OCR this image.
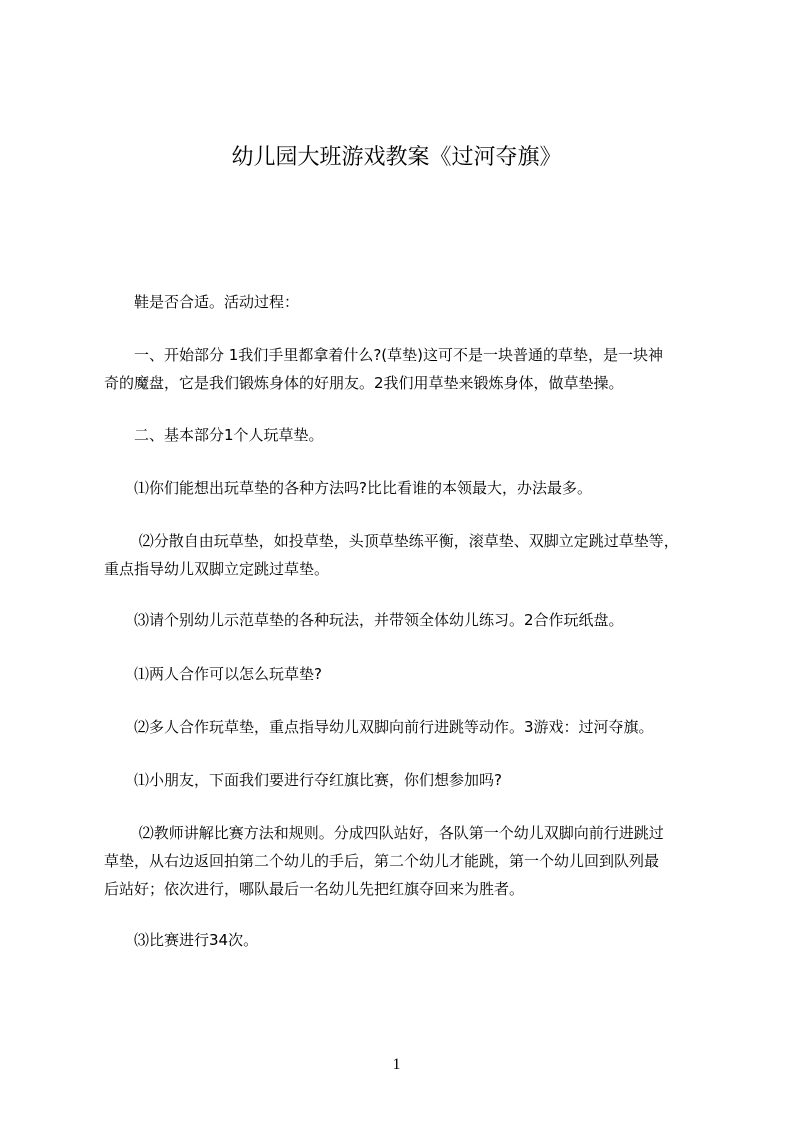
幼儿园大班游戏教案《过河夺旗》
　　鞋是否合适。活动过程：
　　一、开始部分 1我们手里都拿着什么?(草垫)这可不是一块普通的草垫，是一块神
奇的魔盘，它是我们锻炼身体的好朋友。2我们用草垫来锻炼身体，做草垫操。
　　二、基本部分1个人玩草垫。
　　⑴你们能想出玩草垫的各种方法吗?比比看谁的本领最大，办法最多。
　　 ⑵分散自由玩草垫，如投草垫，头顶草垫练平衡，滚草垫、双脚立定跳过草垫等，
重点指导幼儿双脚立定跳过草垫。
　　⑶请个别幼儿示范草垫的各种玩法，并带领全体幼儿练习。2合作玩纸盘。
　　⑴两人合作可以怎么玩草垫?
　　⑵多人合作玩草垫，重点指导幼儿双脚向前行进跳等动作。3游戏：过河夺旗。
　　⑴小朋友，下面我们要进行夺红旗比赛，你们想参加吗?
　　 ⑵教师讲解比赛方法和规则。分成四队站好，各队第一个幼儿双脚向前行进跳过
草垫，从右边返回拍第二个幼儿的手后，第二个幼儿才能跳，第一个幼儿回到队列最
后站好；依次进行，哪队最后一名幼儿先把红旗夺回来为胜者。
　　⑶比赛进行34次。
1
